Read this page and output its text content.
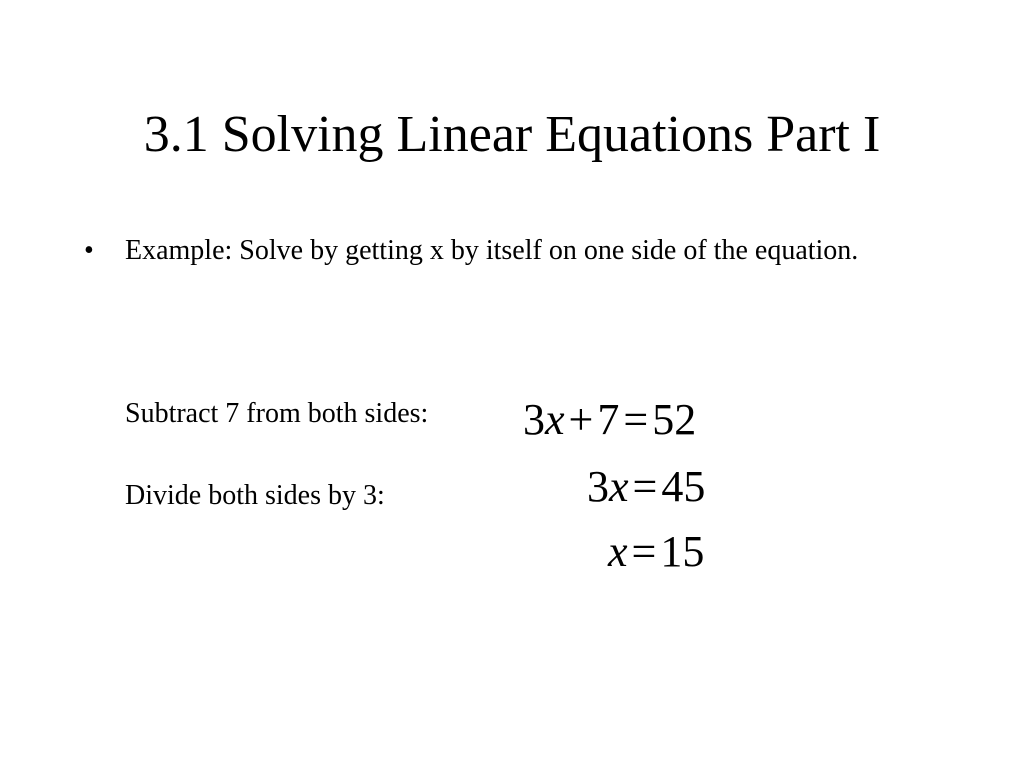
3.1 Solving Linear Equations Part I
• Example: Solve by getting x by itself on one side of the equation.
Subtract 7 from both sides:
Divide both sides by 3:
3x+7=52
3x=45
x=15
